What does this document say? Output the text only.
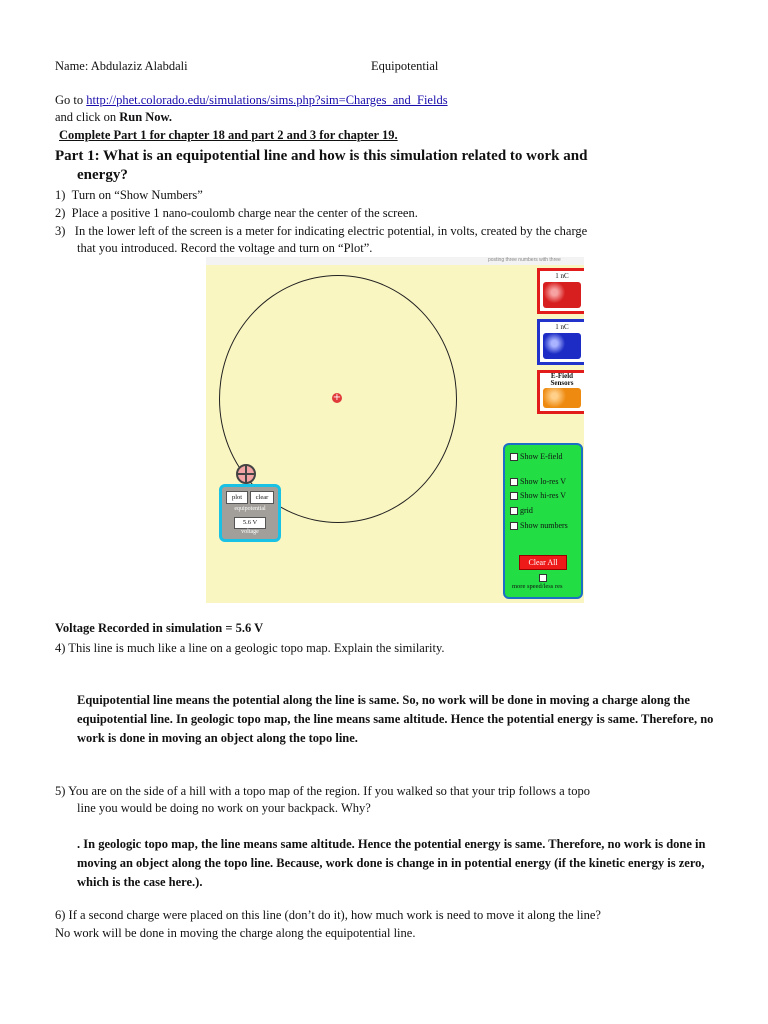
Name: Abdulaziz Alabdali	Equipotential
Go to http://phet.colorado.edu/simulations/sims.php?sim=Charges_and_Fields
and click on Run Now.
Complete Part 1 for chapter 18 and part 2 and 3 for chapter 19.
Part 1: What is an equipotential line and how is this simulation related to work and
energy?
1) Turn on “Show Numbers”
2) Place a positive 1 nano-coulomb charge near the center of the screen.
3) In the lower left of the screen is a meter for indicating electric potential, in volts, created by the charge
that you introduced. Record the voltage and turn on “Plot”.
posting three numbers with three
+
1 nC
1 nC
E-Field
Sensors
Show E-field
Show lo-res V
Show hi-res V
grid
Show numbers
Clear All
more speed/less res
plot	clear
equipotential
5.6 V
voltage
Voltage Recorded in simulation = 5.6 V
4) This line is much like a line on a geologic topo map. Explain the similarity.
Equipotential line means the potential along the line is same. So, no work will be done in moving a charge along the equipotential line. In geologic topo map, the line means same altitude. Hence the potential energy is same. Therefore, no work is done in moving an object along the topo line.
5) You are on the side of a hill with a topo map of the region. If you walked so that your trip follows a topo
line you would be doing no work on your backpack. Why?
. In geologic topo map, the line means same altitude. Hence the potential energy is same. Therefore, no work is done in moving an object along the topo line. Because, work done is change in in potential energy (if the kinetic energy is zero, which is the case here.).
6) If a second charge were placed on this line (don’t do it), how much work is need to move it along the line?
No work will be done in moving the charge along the equipotential line.
